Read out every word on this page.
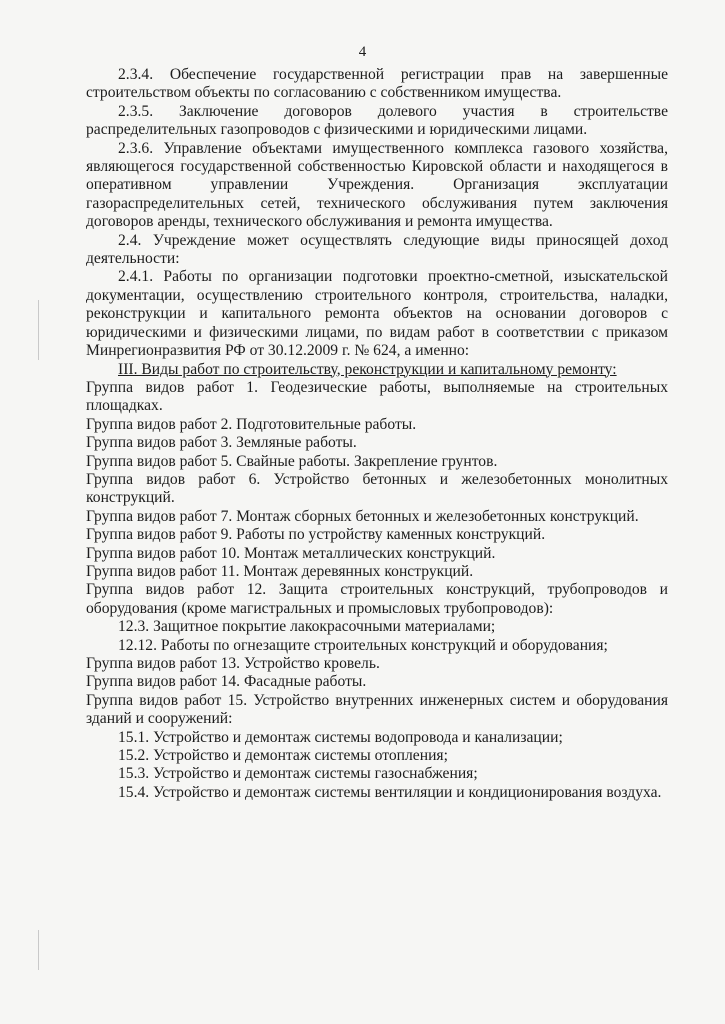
4

2.3.4. Обеспечение государственной регистрации прав на завершенные строительством объекты по согласованию с собственником имущества.

2.3.5. Заключение договоров долевого участия в строительстве распределительных газопроводов с физическими и юридическими лицами.

2.3.6. Управление объектами имущественного комплекса газового хозяйства, являющегося государственной собственностью Кировской области и находящегося в оперативном управлении Учреждения. Организация эксплуатации газораспределительных сетей, технического обслуживания путем заключения договоров аренды, технического обслуживания и ремонта имущества.

2.4. Учреждение может осуществлять следующие виды приносящей доход деятельности:

2.4.1. Работы по организации подготовки проектно-сметной, изыскательской документации, осуществлению строительного контроля, строительства, наладки, реконструкции и капитального ремонта объектов на основании договоров с юридическими и физическими лицами, по видам работ в соответствии с приказом Минрегионразвития РФ от 30.12.2009 г. № 624, а именно:

III. Виды работ по строительству, реконструкции и капитальному ремонту:

Группа видов работ 1. Геодезические работы, выполняемые на строительных площадках.

Группа видов работ 2. Подготовительные работы.

Группа видов работ 3. Земляные работы.

Группа видов работ 5. Свайные работы. Закрепление грунтов.

Группа видов работ 6. Устройство бетонных и железобетонных монолитных конструкций.

Группа видов работ 7. Монтаж сборных бетонных и железобетонных конструкций.

Группа видов работ 9. Работы по устройству каменных конструкций.

Группа видов работ 10. Монтаж металлических конструкций.

Группа видов работ 11. Монтаж деревянных конструкций.

Группа видов работ 12. Защита строительных конструкций, трубопроводов и оборудования (кроме магистральных и промысловых трубопроводов):

12.3. Защитное покрытие лакокрасочными материалами;

12.12. Работы по огнезащите строительных конструкций и оборудования;

Группа видов работ 13. Устройство кровель.

Группа видов работ 14. Фасадные работы.

Группа видов работ 15. Устройство внутренних инженерных систем и оборудования зданий и сооружений:

15.1. Устройство и демонтаж системы водопровода и канализации;

15.2. Устройство и демонтаж системы отопления;

15.3. Устройство и демонтаж системы газоснабжения;

15.4. Устройство и демонтаж системы вентиляции и кондиционирования воздуха.
